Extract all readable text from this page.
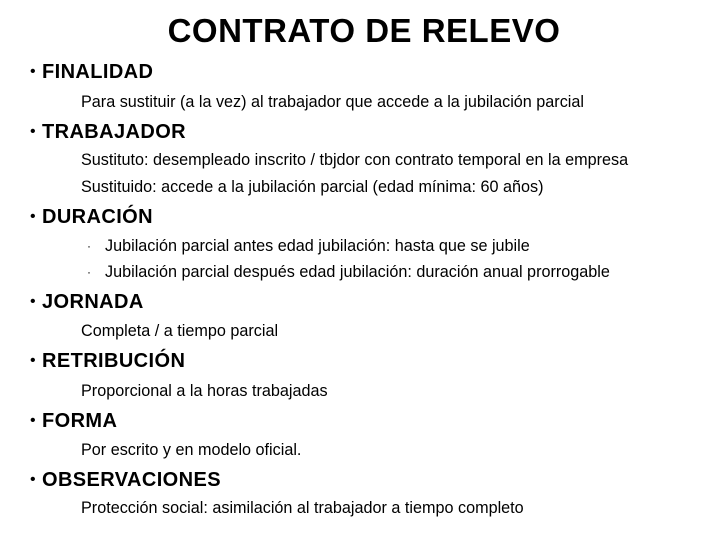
CONTRATO DE RELEVO
• FINALIDAD
Para sustituir (a la vez) al trabajador que accede a la jubilación parcial
• TRABAJADOR
Sustituto: desempleado inscrito / tbjdor con contrato temporal en la empresa
Sustituido: accede a la jubilación parcial (edad mínima: 60 años)
• DURACIÓN
· Jubilación parcial antes edad jubilación: hasta que se jubile
· Jubilación parcial después edad jubilación: duración anual prorrogable
• JORNADA
Completa / a tiempo parcial
• RETRIBUCIÓN
Proporcional a la horas trabajadas
• FORMA
Por escrito y en modelo oficial.
• OBSERVACIONES
Protección social: asimilación al trabajador a tiempo completo
